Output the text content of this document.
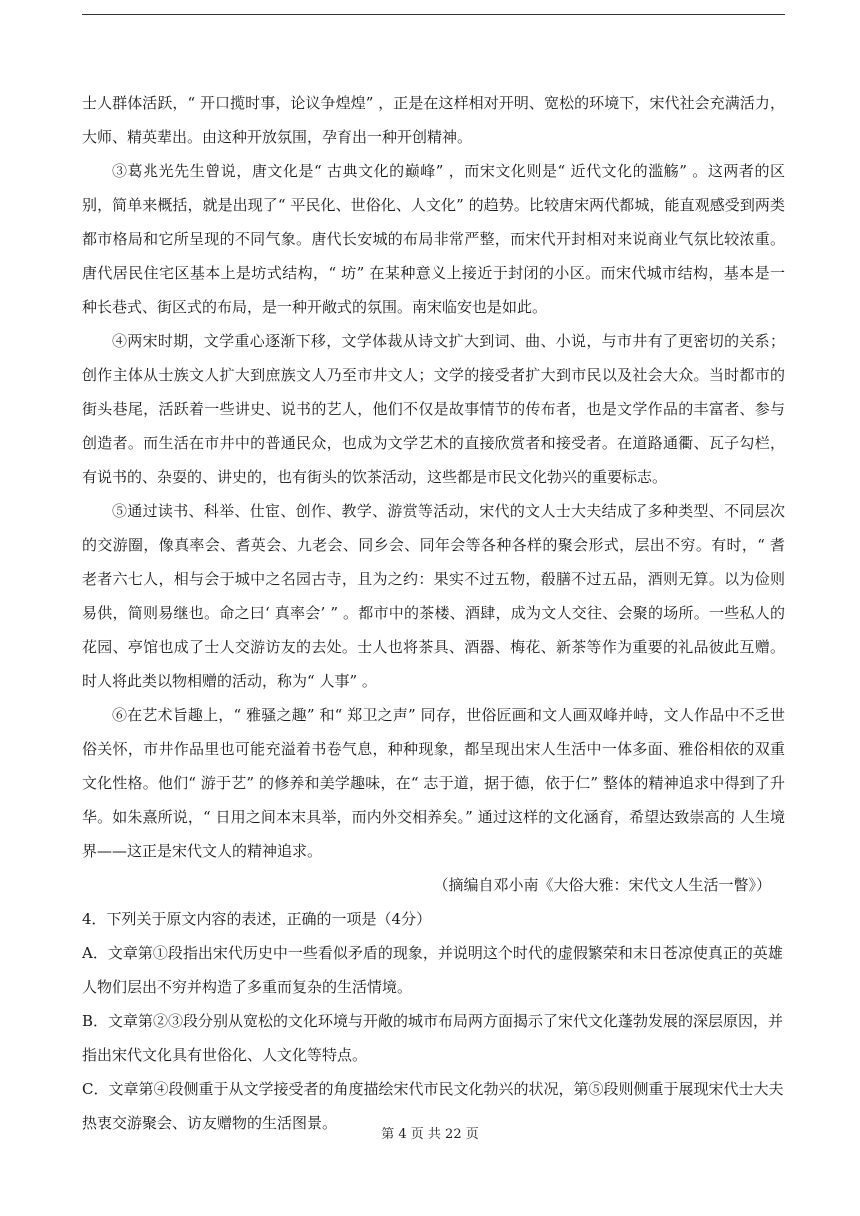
士人群体活跃，“ 开口揽时事，论议争煌煌” ，正是在这样相对开明、宽松的环境下，宋代社会充满活力， 大师、精英辈出。由这种开放氛围，孕育出一种开创精神。

③葛兆光先生曾说，唐文化是“ 古典文化的巅峰” ，而宋文化则是“ 近代文化的滥觞” 。这两者的区 别，简单来概括，就是出现了“ 平民化、世俗化、人文化” 的趋势。比较唐宋两代都城，能直观感受到两类都市格局和它所呈现的不同气象。唐代长安城的布局非常严整，而宋代开封相对来说商业气氛比较浓重。 唐代居民住宅区基本上是坊式结构，“ 坊” 在某种意义上接近于封闭的小区。而宋代城市结构，基本是一 种长巷式、街区式的布局，是一种开敞式的氛围。南宋临安也是如此。

④两宋时期，文学重心逐渐下移，文学体裁从诗文扩大到词、曲、小说，与市井有了更密切的关系；创作主体从士族文人扩大到庶族文人乃至市井文人；文学的接受者扩大到市民以及社会大众。当时都市的街头巷尾，活跃着一些讲史、说书的艺人，他们不仅是故事情节的传布者，也是文学作品的丰富者、参与创造者。而生活在市井中的普通民众，也成为文学艺术的直接欣赏者和接受者。在道路通衢、瓦子勾栏， 有说书的、杂耍的、讲史的，也有街头的饮茶活动，这些都是市民文化勃兴的重要标志。

⑤通过读书、科举、仕宦、创作、教学、游赏等活动，宋代的文人士大夫结成了多种类型、不同层次的交游圈，像真率会、耆英会、九老会、同乡会、同年会等各种各样的聚会形式，层出不穷。有时，“ 耆 老者六七人，相与会于城中之名园古寺，且为之约：果实不过五物，殽膳不过五品，酒则无算。以为俭则易供，简则易继也。命之曰‘ 真率会’ ” 。都市中的茶楼、酒肆，成为文人交往、会聚的场所。一些私人的花园、亭馆也成了士人交游访友的去处。士人也将茶具、酒器、梅花、新茶等作为重要的礼品彼此互赠。 时人将此类以物相赠的活动，称为“ 人事” 。

⑥在艺术旨趣上，“ 雅骚之趣” 和“ 郑卫之声” 同存，世俗匠画和文人画双峰并峙，文人作品中不乏世俗关怀，市井作品里也可能充溢着书卷气息，种种现象，都呈现出宋人生活中一体多面、雅俗相依的双重文化性格。他们“ 游于艺” 的修养和美学趣味，在“ 志于道，据于德，依于仁” 整体的精神追求中得到了升华。如朱熹所说，“ 日用之间本末具举，而内外交相养矣。” 通过这样的文化涵育，希望达致崇高的 人生境界——这正是宋代文人的精神追求。

（摘编自邓小南《大俗大雅：宋代文人生活一瞥》）

4．下列关于原文内容的表述，正确的一项是（4分）

A．文章第①段指出宋代历史中一些看似矛盾的现象，并说明这个时代的虚假繁荣和末日苍凉使真正的英雄人物们层出不穷并构造了多重而复杂的生活情境。

B．文章第②③段分别从宽松的文化环境与开敞的城市布局两方面揭示了宋代文化蓬勃发展的深层原因，并指出宋代文化具有世俗化、人文化等特点。

C．文章第④段侧重于从文学接受者的角度描绘宋代市民文化勃兴的状况，第⑤段则侧重于展现宋代士大夫热衷交游聚会、访友赠物的生活图景。

第 4 页 共 22 页
